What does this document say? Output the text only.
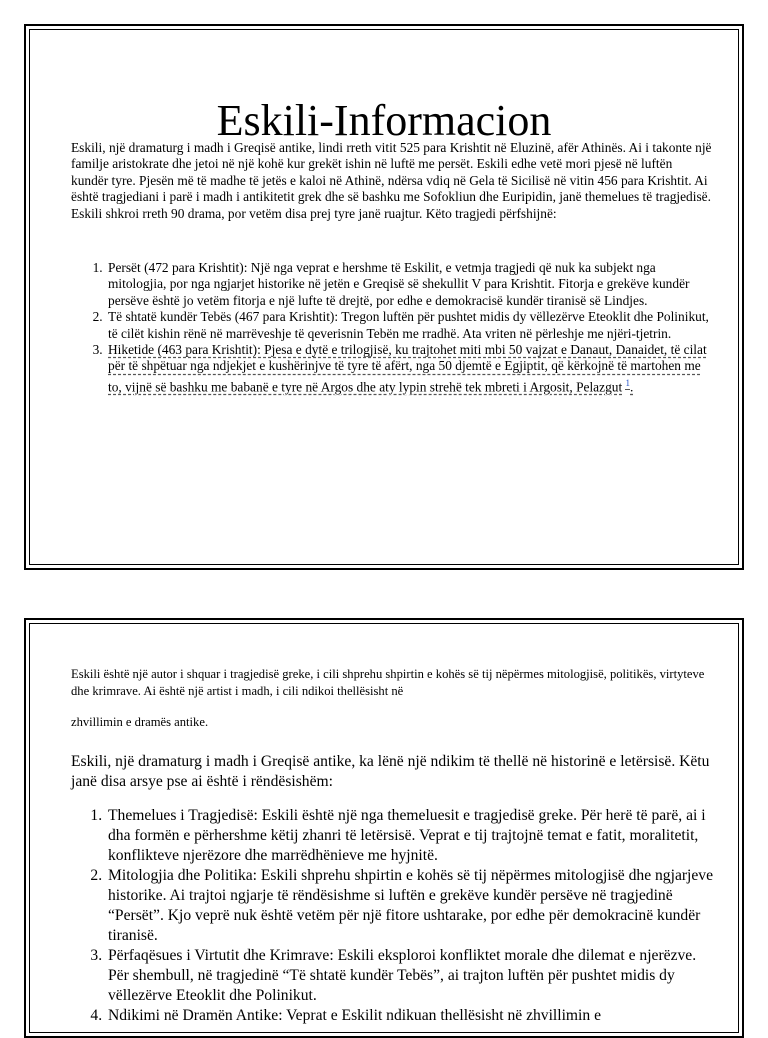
Eskili-Informacion
Eskili, një dramaturg i madh i Greqisë antike, lindi rreth vitit 525 para Krishtit në Eluzinë, afër Athinës. Ai i takonte një familje aristokrate dhe jetoi në një kohë kur grekët ishin në luftë me persët. Eskili edhe vetë mori pjesë në luftën kundër tyre. Pjesën më të madhe të jetës e kaloi në Athinë, ndërsa vdiq në Gela të Sicilisë në vitin 456 para Krishtit. Ai është tragjediani i parë i madh i antikitetit grek dhe së bashku me Sofokliun dhe Euripidin, janë themelues të tragjedisë. Eskili shkroi rreth 90 drama, por vetëm disa prej tyre janë ruajtur. Këto tragjedi përfshijnë:
1. Persët (472 para Krishtit): Një nga veprat e hershme të Eskilit, e vetmja tragjedi që nuk ka subjekt nga mitologjia, por nga ngjarjet historike në jetën e Greqisë së shekullit V para Krishtit. Fitorja e grekëve kundër persëve është jo vetëm fitorja e një lufte të drejtë, por edhe e demokracisë kundër tiranisë së Lindjes.
2. Të shtatë kundër Tebës (467 para Krishtit): Tregon luftën për pushtet midis dy vëllezërve Eteoklit dhe Polinikut, të cilët kishin rënë në marrëveshje të qeverisnin Tebën me rradhë. Ata vriten në përleshje me njëri-tjetrin.
3. Hiketide (463 para Krishtit): Pjesa e dytë e trilogjisë, ku trajtohet miti mbi 50 vajzat e Danaut, Danaidet, të cilat për të shpëtuar nga ndjekjet e kushërinjve të tyre të afërt, nga 50 djemtë e Egjiptit, që kërkojnë të martohen me to, vijnë së bashku me babanë e tyre në Argos dhe aty lypin strehë tek mbreti i Argosit, Pelazgut $^1$.
Eskili është një autor i shquar i tragjedisë greke, i cili shprehu shpirtin e kohës së tij nëpërmes mitologjisë, politikës, virtyteve dhe krimrave. Ai është një artist i madh, i cili ndikoi thellësisht në
zhvillimin e dramës antike.
Eskili, një dramaturg i madh i Greqisë antike, ka lënë një ndikim të thellë në historinë e letërsisë. Këtu janë disa arsye pse ai është i rëndësishëm:
1. Themelues i Tragjedisë: Eskili është një nga themeluesit e tragjedisë greke. Për herë të parë, ai i dha formën e përhershme këtij zhanri të letërsisë. Veprat e tij trajtojnë temat e fatit, moralitetit, konflikteve njerëzore dhe marrëdhënieve me hyjnitë.
2. Mitologjia dhe Politika: Eskili shprehu shpirtin e kohës së tij nëpërmes mitologjisë dhe ngjarjeve historike. Ai trajtoi ngjarje të rëndësishme si luftën e grekëve kundër persëve në tragjedinë “Persët”. Kjo veprë nuk është vetëm për një fitore ushtarake, por edhe për demokracinë kundër tiranisë.
3. Përfaqësues i Virtutit dhe Krimrave: Eskili eksploroi konfliktet morale dhe dilemat e njerëzve. Për shembull, në tragjedinë “Të shtatë kundër Tebës”, ai trajton luftën për pushtet midis dy vëllezërve Eteoklit dhe Polinikut.
4. Ndikimi në Dramën Antike: Veprat e Eskilit ndikuan thellësisht në zhvillimin e
